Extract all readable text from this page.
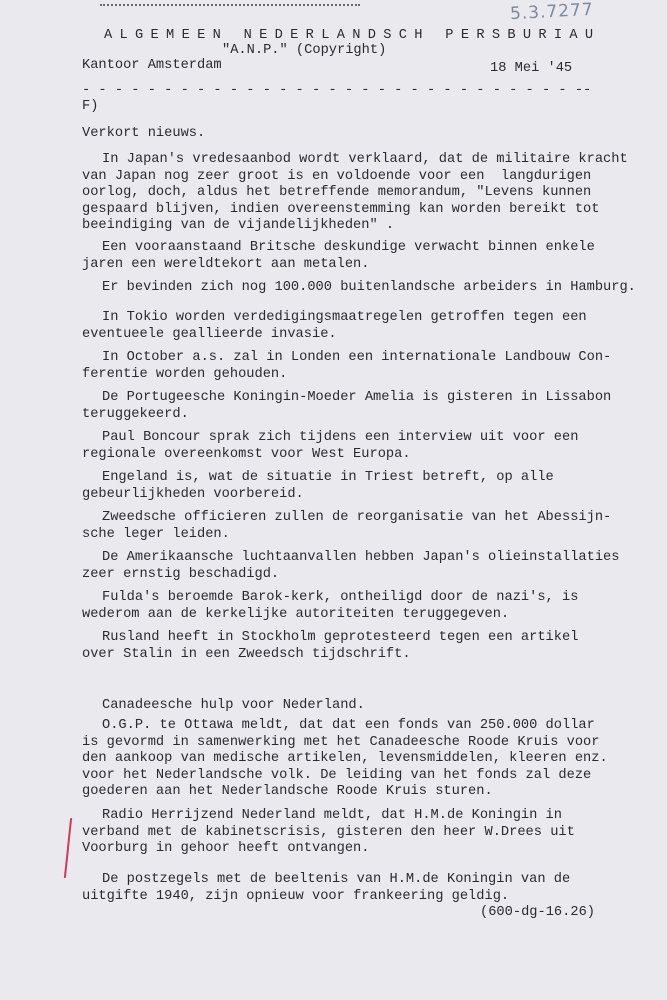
5.3.7277
ALGEMEEN NEDERLANDSCH PERSBURIAU
"A.N.P." (Copyright)
Kantoor Amsterdam	18 Mei '45
- - - - - - - - - - - - - - - - - - - - - - - - - - - - - - --
F)
Verkort nieuws.
In Japan's vredesaanbod wordt verklaard, dat de militaire kracht
van Japan nog zeer groot is en voldoende voor een  langdurigen
oorlog, doch, aldus het betreffende memorandum, "Levens kunnen
gespaard blijven, indien overeenstemming kan worden bereikt tot
beeindiging van de vijandelijkheden" .
Een vooraanstaand Britsche deskundige verwacht binnen enkele
jaren een wereldtekort aan metalen.
Er bevinden zich nog 100.000 buitenlandsche arbeiders in Hamburg.
In Tokio worden verdedigingsmaatregelen getroffen tegen een
eventueele geallieerde invasie.
In October a.s. zal in Londen een internationale Landbouw Con-
ferentie worden gehouden.
De Portugeesche Koningin-Moeder Amelia is gisteren in Lissabon
teruggekeerd.
Paul Boncour sprak zich tijdens een interview uit voor een
regionale overeenkomst voor West Europa.
Engeland is, wat de situatie in Triest betreft, op alle
gebeurlijkheden voorbereid.
Zweedsche officieren zullen de reorganisatie van het Abessijn-
sche leger leiden.
De Amerikaansche luchtaanvallen hebben Japan's olieinstallaties
zeer ernstig beschadigd.
Fulda's beroemde Barok-kerk, ontheiligd door de nazi's, is
wederom aan de kerkelijke autoriteiten teruggegeven.
Rusland heeft in Stockholm geprotesteerd tegen een artikel
over Stalin in een Zweedsch tijdschrift.
Canadeesche hulp voor Nederland.
O.G.P. te Ottawa meldt, dat dat een fonds van 250.000 dollar
is gevormd in samenwerking met het Canadeesche Roode Kruis voor
den aankoop van medische artikelen, levensmiddelen, kleeren enz.
voor het Nederlandsche volk. De leiding van het fonds zal deze
goederen aan het Nederlandsche Roode Kruis sturen.
Radio Herrijzend Nederland meldt, dat H.M.de Koningin in
verband met de kabinetscrisis, gisteren den heer W.Drees uit
Voorburg in gehoor heeft ontvangen.
De postzegels met de beeltenis van H.M.de Koningin van de
uitgifte 1940, zijn opnieuw voor frankeering geldig.
(600-dg-16.26)
